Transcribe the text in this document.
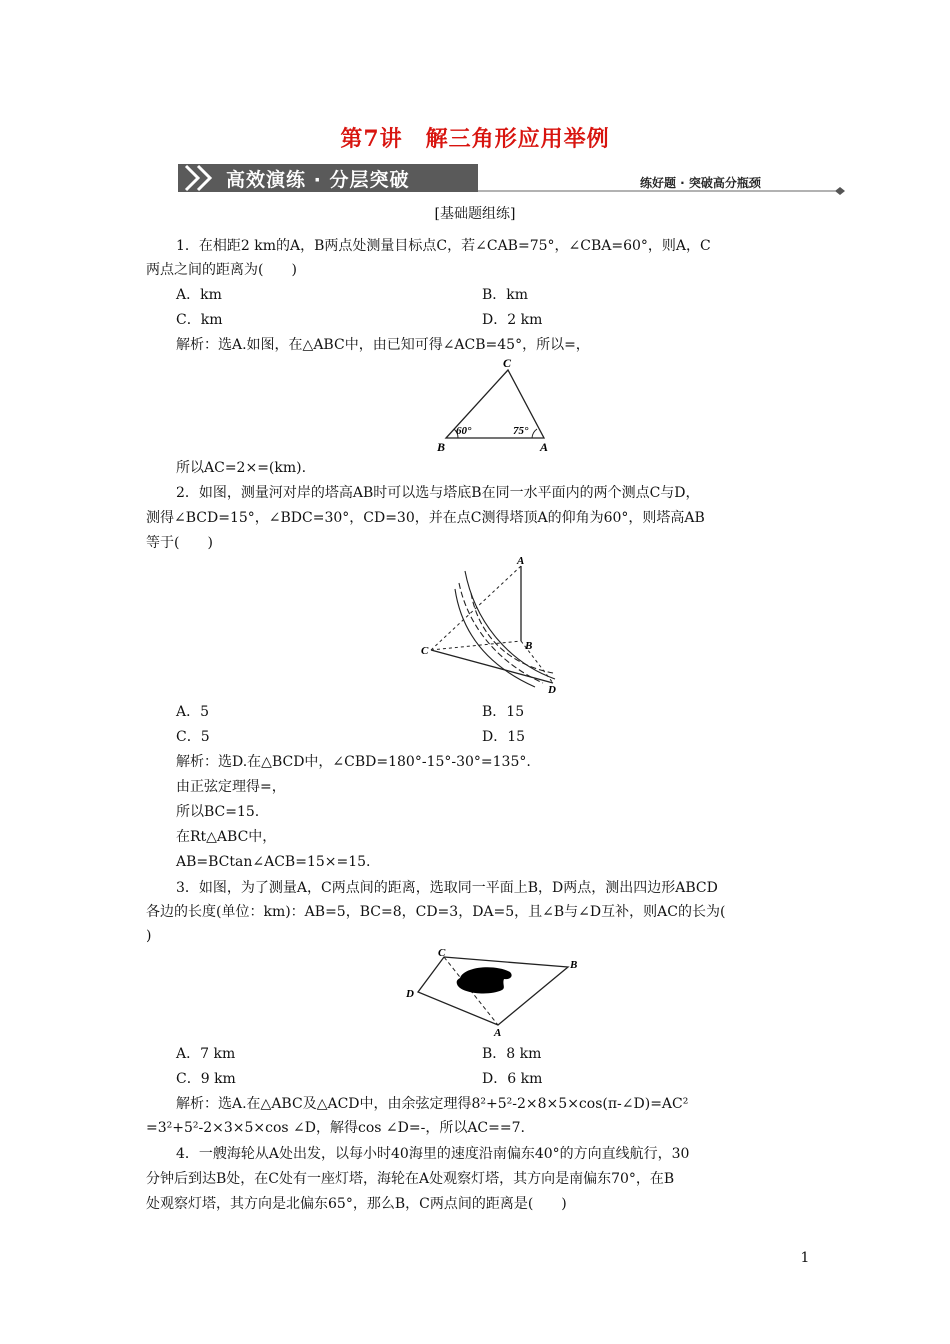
第7讲　解三角形应用举例
高效演练 · 分层突破	练好题 · 突破高分瓶颈
[基础题组练]
1．在相距2 km的A，B两点处测量目标点C，若∠CAB=75°，∠CBA=60°，则A，C
两点之间的距离为(　　)
A．km	B．km
C．km	D．2 km
解析：选A.如图，在△ABC中，由已知可得∠ACB=45°，所以=，
C
B	A
60°	75°
所以AC=2×=(km).
2．如图，测量河对岸的塔高AB时可以选与塔底B在同一水平面内的两个测点C与D，
测得∠BCD=15°，∠BDC=30°，CD=30，并在点C测得塔顶A的仰角为60°，则塔高AB
等于(　　)
A
B
C
D
A．5	B．15
C．5	D．15
解析：选D.在△BCD中，∠CBD=180°-15°-30°=135°.
由正弦定理得=，
所以BC=15.
在Rt△ABC中，
AB=BCtan∠ACB=15×=15.
3．如图，为了测量A，C两点间的距离，选取同一平面上B，D两点，测出四边形ABCD
各边的长度(单位：km)：AB=5，BC=8，CD=3，DA=5，且∠B与∠D互补，则AC的长为(
)
C
B
D
A
A．7 km	B．8 km
C．9 km	D．6 km
解析：选A.在△ABC及△ACD中，由余弦定理得8²+5²-2×8×5×cos(π-∠D)=AC²
=3²+5²-2×3×5×cos ∠D，解得cos ∠D=-，所以AC==7.
4．一艘海轮从A处出发，以每小时40海里的速度沿南偏东40°的方向直线航行，30
分钟后到达B处，在C处有一座灯塔，海轮在A处观察灯塔，其方向是南偏东70°，在B
处观察灯塔，其方向是北偏东65°，那么B，C两点间的距离是(　　)
1
